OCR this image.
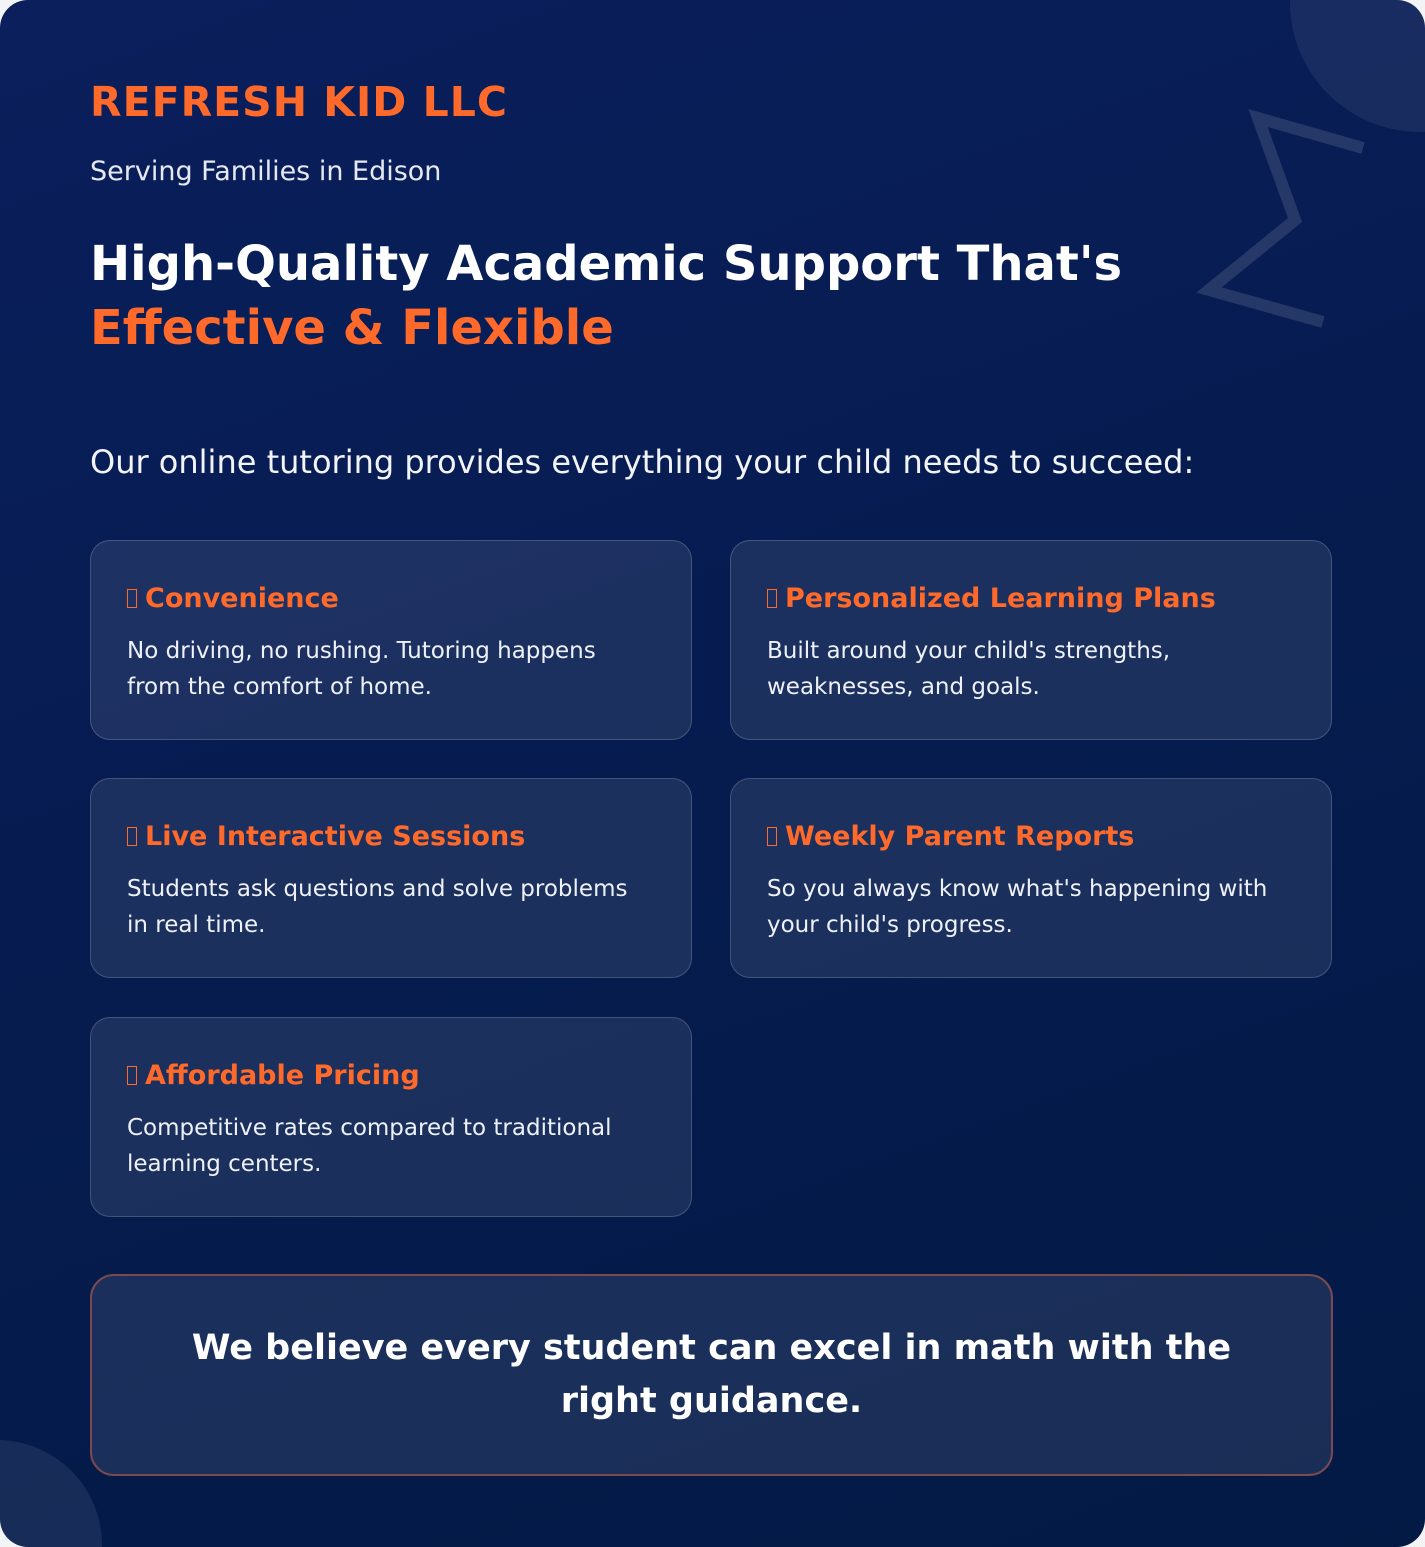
REFRESH KID LLC

Serving Families in Edison

High-Quality Academic Support That's Effective & Flexible

Our online tutoring provides everything your child needs to succeed:

Convenience
No driving, no rushing. Tutoring happens from the comfort of home.
Personalized Learning Plans
Built around your child's strengths, weaknesses, and goals.
Live Interactive Sessions
Students ask questions and solve problems in real time.
Weekly Parent Reports
So you always know what's happening with your child's progress.
Affordable Pricing
Competitive rates compared to traditional learning centers.

We believe every student can excel in math with the right guidance.
